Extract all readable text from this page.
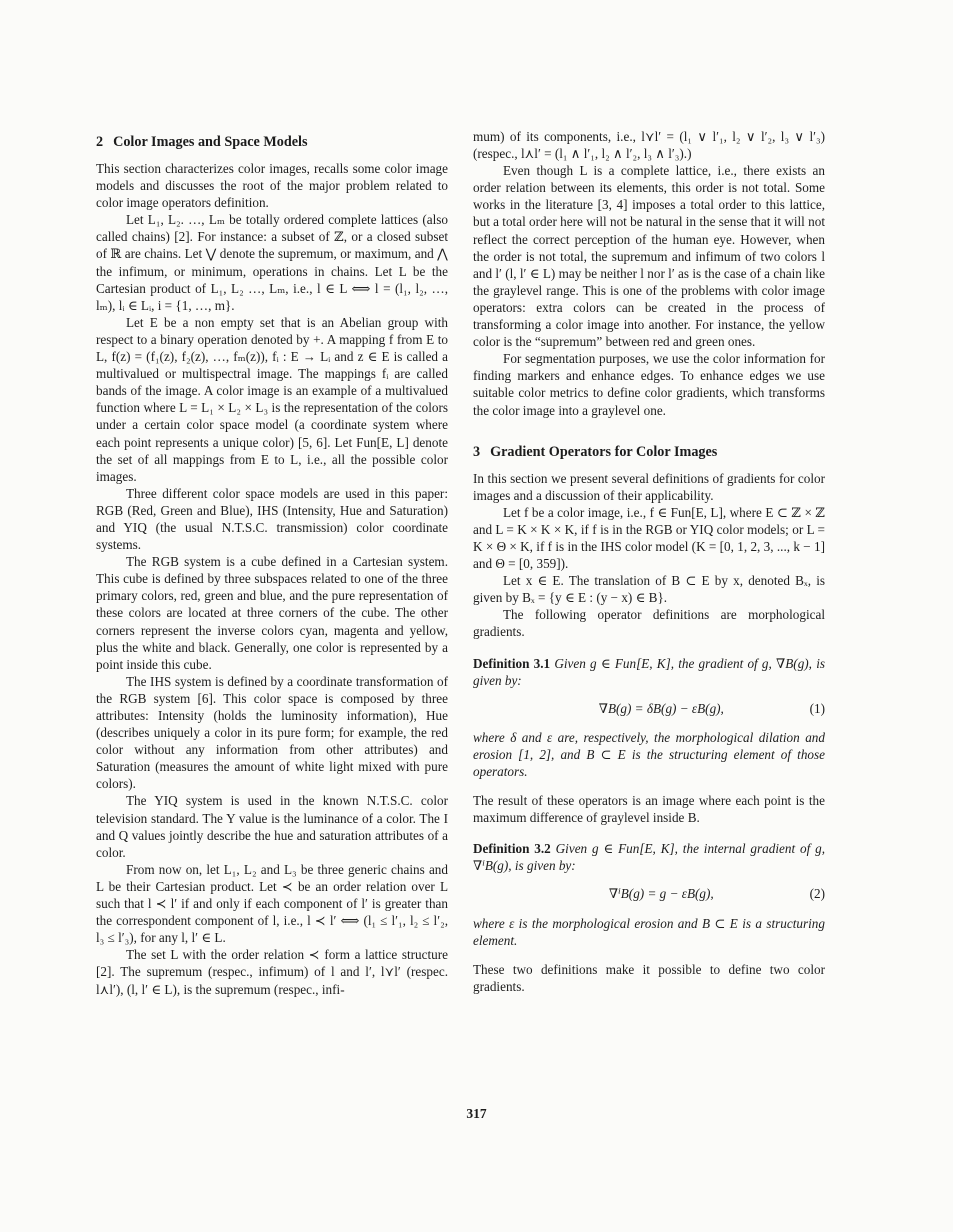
2 Color Images and Space Models

This section characterizes color images, recalls some color image models and discusses the root of the major problem related to color image operators definition.

Let L₁, L₂. …, Lₘ be totally ordered complete lattices (also called chains) [2]. For instance: a subset of ℤ, or a closed subset of ℝ are chains. Let ⋁ denote the supremum, or maximum, and ⋀ the infimum, or minimum, operations in chains. Let L be the Cartesian product of L₁, L₂ …, Lₘ, i.e., l ∈ L ⟺ l = (l₁, l₂, …, lₘ), lᵢ ∈ Lᵢ, i = {1, …, m}.

Let E be a non empty set that is an Abelian group with respect to a binary operation denoted by +. A mapping f from E to L, f(z) = (f₁(z), f₂(z), …, fₘ(z)), fᵢ : E → Lᵢ and z ∈ E is called a multivalued or multispectral image. The mappings fᵢ are called bands of the image. A color image is an example of a multivalued function where L = L₁ × L₂ × L₃ is the representation of the colors under a certain color space model (a coordinate system where each point represents a unique color) [5, 6]. Let Fun[E, L] denote the set of all mappings from E to L, i.e., all the possible color images.

Three different color space models are used in this paper: RGB (Red, Green and Blue), IHS (Intensity, Hue and Saturation) and YIQ (the usual N.T.S.C. transmission) color coordinate systems.

The RGB system is a cube defined in a Cartesian system. This cube is defined by three subspaces related to one of the three primary colors, red, green and blue, and the pure representation of these colors are located at three corners of the cube. The other corners represent the inverse colors cyan, magenta and yellow, plus the white and black. Generally, one color is represented by a point inside this cube.

The IHS system is defined by a coordinate transformation of the RGB system [6]. This color space is composed by three attributes: Intensity (holds the luminosity information), Hue (describes uniquely a color in its pure form; for example, the red color without any information from other attributes) and Saturation (measures the amount of white light mixed with pure colors).

The YIQ system is used in the known N.T.S.C. color television standard. The Y value is the luminance of a color. The I and Q values jointly describe the hue and saturation attributes of a color.

From now on, let L₁, L₂ and L₃ be three generic chains and L be their Cartesian product. Let ≺ be an order relation over L such that l ≺ l′ if and only if each component of l′ is greater than the correspondent component of l, i.e., l ≺ l′ ⟺ (l₁ ≤ l′₁, l₂ ≤ l′₂, l₃ ≤ l′₃), for any l, l′ ∈ L.

The set L with the order relation ≺ form a lattice structure [2]. The supremum (respec., infimum) of l and l′, l⋎l′ (respec. l⋏l′), (l, l′ ∈ L), is the supremum (respec., infi-

mum) of its components, i.e., l⋎l′ = (l₁ ∨ l′₁, l₂ ∨ l′₂, l₃ ∨ l′₃) (respec., l⋏l′ = (l₁ ∧ l′₁, l₂ ∧ l′₂, l₃ ∧ l′₃).)

Even though L is a complete lattice, i.e., there exists an order relation between its elements, this order is not total. Some works in the literature [3, 4] imposes a total order to this lattice, but a total order here will not be natural in the sense that it will not reflect the correct perception of the human eye. However, when the order is not total, the supremum and infimum of two colors l and l′ (l, l′ ∈ L) may be neither l nor l′ as is the case of a chain like the graylevel range. This is one of the problems with color image operators: extra colors can be created in the process of transforming a color image into another. For instance, the yellow color is the “supremum” between red and green ones.

For segmentation purposes, we use the color information for finding markers and enhance edges. To enhance edges we use suitable color metrics to define color gradients, which transforms the color image into a graylevel one.

3 Gradient Operators for Color Images

In this section we present several definitions of gradients for color images and a discussion of their applicability.

Let f be a color image, i.e., f ∈ Fun[E, L], where E ⊂ ℤ × ℤ and L = K × K × K, if f is in the RGB or YIQ color models; or L = K × Θ × K, if f is in the IHS color model (K = [0, 1, 2, 3, ..., k − 1] and Θ = [0, 359]).

Let x ∈ E. The translation of B ⊂ E by x, denoted Bₓ, is given by Bₓ = {y ∈ E : (y − x) ∈ B}.

The following operator definitions are morphological gradients.

Definition 3.1 Given g ∈ Fun[E, K], the gradient of g, ∇B(g), is given by:
∇B(g) = δB(g) − εB(g),	(1)

where δ and ε are, respectively, the morphological dilation and erosion [1, 2], and B ⊂ E is the structuring element of those operators.

The result of these operators is an image where each point is the maximum difference of graylevel inside B.

Definition 3.2 Given g ∈ Fun[E, K], the internal gradient of g, ∇ⁱB(g), is given by:
∇ⁱB(g) = g − εB(g),	(2)

where ε is the morphological erosion and B ⊂ E is a structuring element.

These two definitions make it possible to define two color gradients.

317
